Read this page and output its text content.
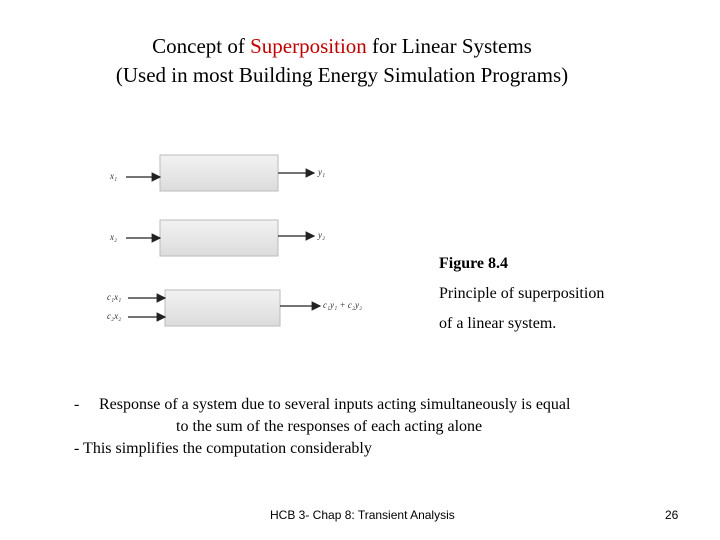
Concept of Superposition for Linear Systems
(Used in most Building Energy Simulation Programs)
x₁	y₁
x₂	y₂
c₁x₁
c₂x₂
c₁y₁ + c₂y₂
Figure 8.4
Principle of superposition
of a linear system.
- Response of a system due to several inputs acting simultaneously is equal
to the sum of the responses of each acting alone
- This simplifies the computation considerably
HCB 3- Chap 8: Transient Analysis	26
